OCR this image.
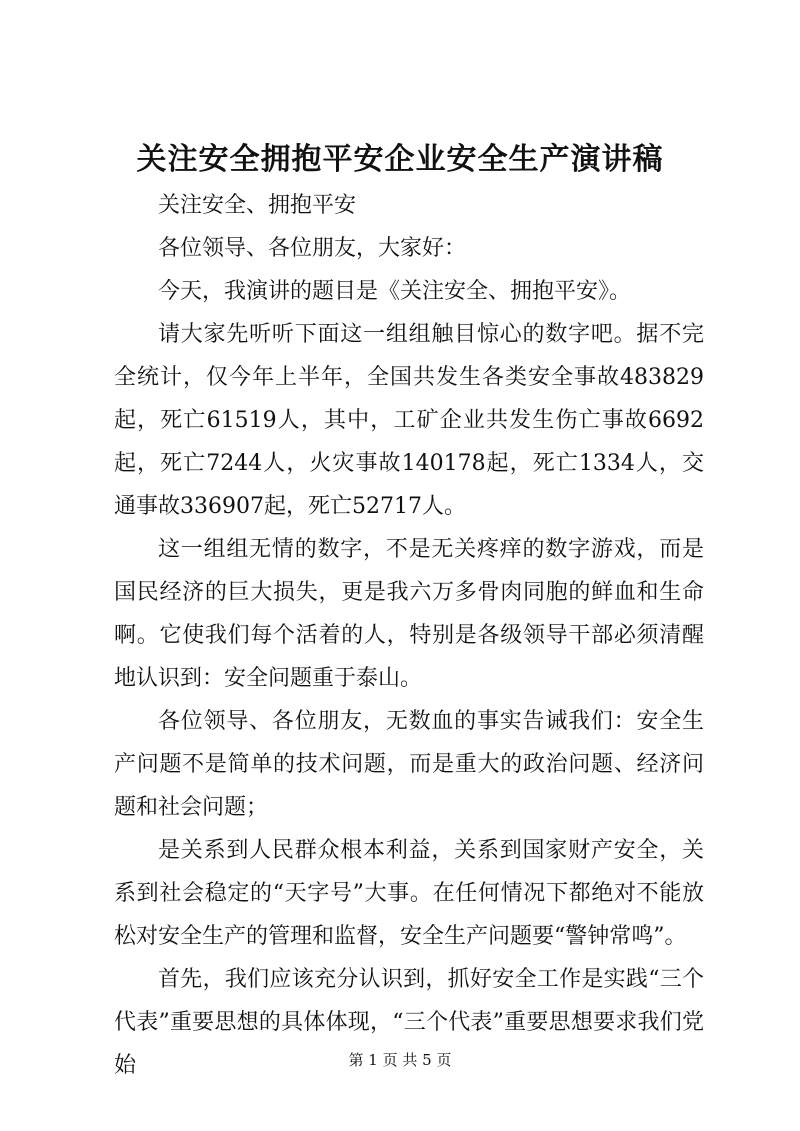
关注安全拥抱平安企业安全生产演讲稿

关注安全、拥抱平安

各位领导、各位朋友，大家好：

今天，我演讲的题目是《关注安全、拥抱平安》。

请大家先听听下面这一组组触目惊心的数字吧。据不完全统计，仅今年上半年，全国共发生各类安全事故483829起，死亡61519人，其中，工矿企业共发生伤亡事故6692起，死亡7244人，火灾事故140178起，死亡1334人，交通事故336907起，死亡52717人。

这一组组无情的数字，不是无关疼痒的数字游戏，而是国民经济的巨大损失，更是我六万多骨肉同胞的鲜血和生命啊。它使我们每个活着的人，特别是各级领导干部必须清醒地认识到：安全问题重于泰山。

各位领导、各位朋友，无数血的事实告诫我们：安全生产问题不是简单的技术问题，而是重大的政治问题、经济问题和社会问题；

是关系到人民群众根本利益，关系到国家财产安全，关系到社会稳定的“天字号”大事。在任何情况下都绝对不能放松对安全生产的管理和监督，安全生产问题要“警钟常鸣”。

首先，我们应该充分认识到，抓好安全工作是实践“三个代表”重要思想的具体体现，“三个代表”重要思想要求我们党始	第 1 页 共 5 页
